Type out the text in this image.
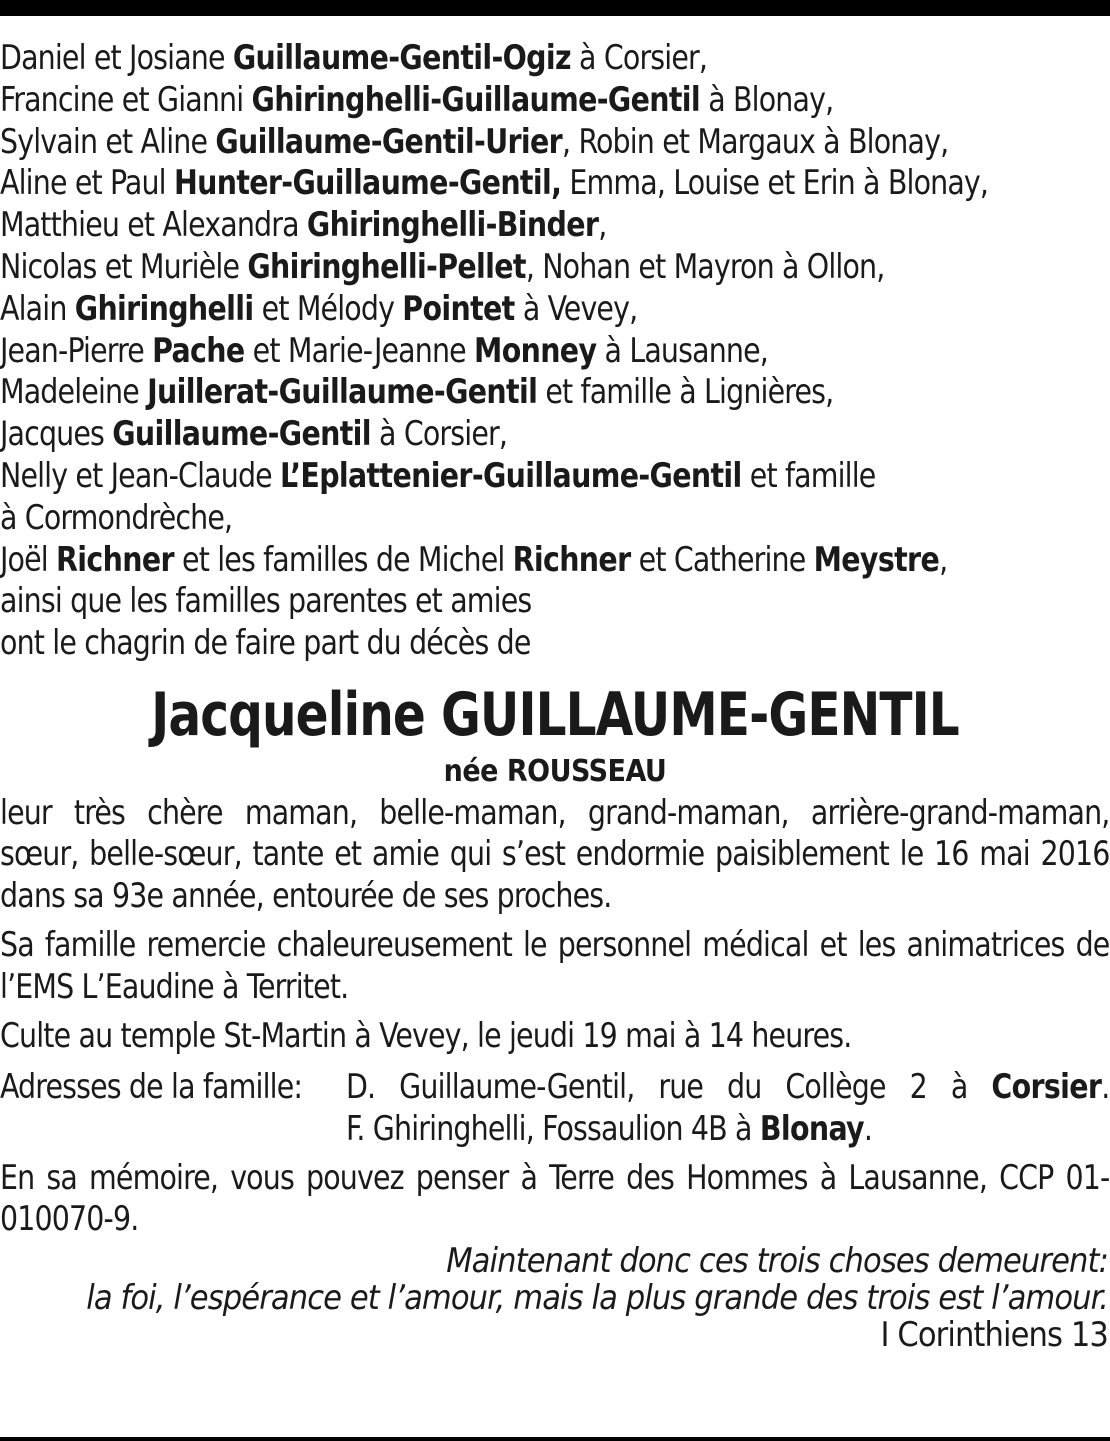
Daniel et Josiane Guillaume-Gentil-Ogiz à Corsier,
Francine et Gianni Ghiringhelli-Guillaume-Gentil à Blonay,
Sylvain et Aline Guillaume-Gentil-Urier, Robin et Margaux à Blonay,
Aline et Paul Hunter-Guillaume-Gentil, Emma, Louise et Erin à Blonay,
Matthieu et Alexandra Ghiringhelli-Binder,
Nicolas et Murièle Ghiringhelli-Pellet, Nohan et Mayron à Ollon,
Alain Ghiringhelli et Mélody Pointet à Vevey,
Jean-Pierre Pache et Marie-Jeanne Monney à Lausanne,
Madeleine Juillerat-Guillaume-Gentil et famille à Lignières,
Jacques Guillaume-Gentil à Corsier,
Nelly et Jean-Claude L’Eplattenier-Guillaume-Gentil et famille
à Cormondrèche,
Joël Richner et les familles de Michel Richner et Catherine Meystre,
ainsi que les familles parentes et amies
ont le chagrin de faire part du décès de
Jacqueline GUILLAUME-GENTIL
née ROUSSEAU
leur très chère maman, belle-maman, grand-maman, arrière-grand-maman, sœur, belle-sœur, tante et amie qui s’est endormie paisiblement le 16 mai 2016 dans sa 93e année, entourée de ses proches.
Sa famille remercie chaleureusement le personnel médical et les animatrices de l’EMS L’Eaudine à Territet.
Culte au temple St-Martin à Vevey, le jeudi 19 mai à 14 heures.
Adresses de la famille:	D. Guillaume-Gentil, rue du Collège 2 à Corsier.
F. Ghiringhelli, Fossaulion 4B à Blonay.
En sa mémoire, vous pouvez penser à Terre des Hommes à Lausanne, CCP 01-010070-9.
Maintenant donc ces trois choses demeurent:
la foi, l’espérance et l’amour, mais la plus grande des trois est l’amour.
I Corinthiens 13
